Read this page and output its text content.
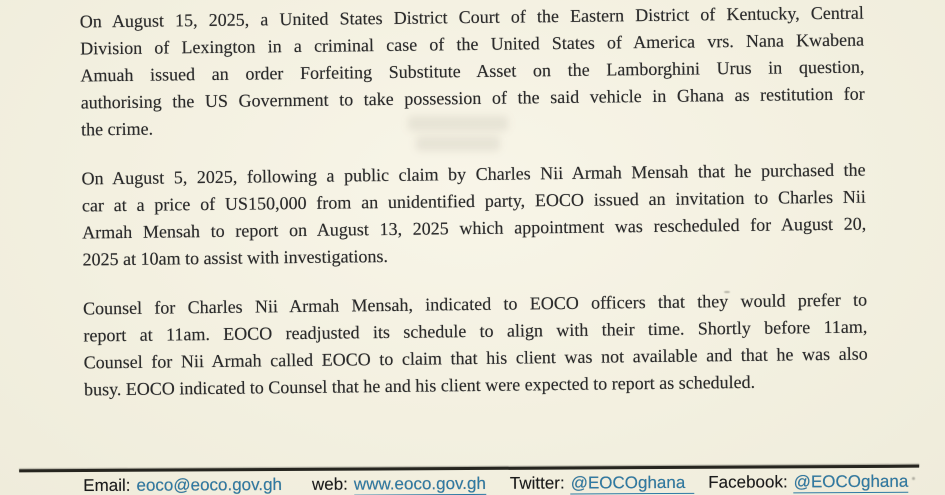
On August 15, 2025, a United States District Court of the Eastern District of Kentucky, Central
Division of Lexington in a criminal case of the United States of America vrs. Nana Kwabena
Amuah issued an order Forfeiting Substitute Asset on the Lamborghini Urus in question,
authorising the US Government to take possession of the said vehicle in Ghana as restitution for
the crime.
On August 5, 2025, following a public claim by Charles Nii Armah Mensah that he purchased the
car at a price of US150,000 from an unidentified party, EOCO issued an invitation to Charles Nii
Armah Mensah to report on August 13, 2025 which appointment was rescheduled for August 20,
2025 at 10am to assist with investigations.
Counsel for Charles Nii Armah Mensah, indicated to EOCO officers that they would prefer to
report at 11am. EOCO readjusted its schedule to align with their time. Shortly before 11am,
Counsel for Nii Armah called EOCO to claim that his client was not available and that he was also
busy. EOCO indicated to Counsel that he and his client were expected to report as scheduled.
Email: eoco@eoco.gov.gh web: www.eoco.gov.gh Twitter: @EOCOghana	Facebook: @EOCOghana
